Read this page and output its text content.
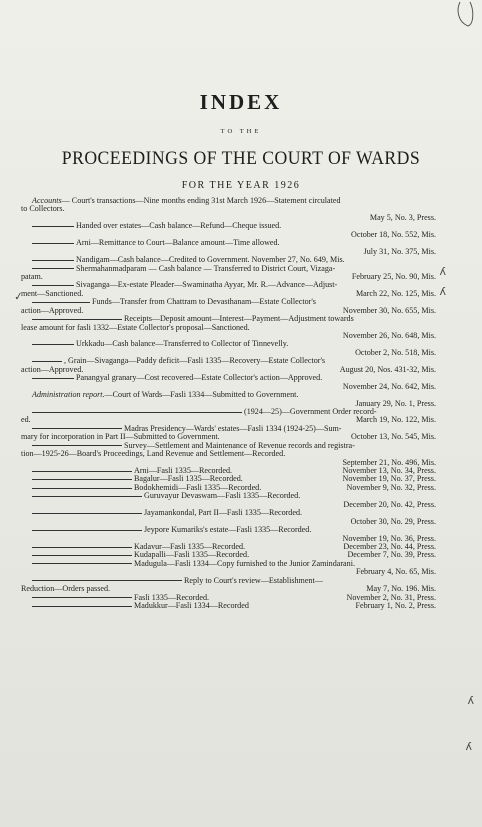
INDEX
TO THE
PROCEEDINGS OF THE COURT OF WARDS
FOR THE YEAR 1926
Accounts— Court's transactions—Nine months ending 31st March 1926—Statement circulated
to Collectors.
May 5, No. 3, Press.
Handed over estates—Cash balance—Refund—Cheque issued.
October 18, No. 552, Mis.
Arni—Remittance to Court—Balance amount—Time allowed.
July 31, No. 375, Mis.
Nandigam—Cash balance—Credited to Government. November 27, No. 649, Mis.
Shermahanmadparam — Cash balance — Transferred to District Court, Vizaga-
patam.	February 25, No. 90, Mis.
Sivaganga—Ex-estate Pleader—Swaminatha Ayyar, Mr. R.—Advance—Adjust-
ment—Sanctioned.	March 22, No. 125, Mis.
Funds—Transfer from Chattram to Devasthanam—Estate Collector's
action—Approved.	November 30, No. 655, Mis.
Receipts—Deposit amount—Interest—Payment—Adjustment towards
lease amount for fasli 1332—Estate Collector's proposal—Sanctioned.
November 26, No. 648, Mis.
Urkkadu—Cash balance—Transferred to Collector of Tinnevelly.
October 2, No. 518, Mis.
, Grain—Sivaganga—Paddy deficit—Fasli 1335—Recovery—Estate Collector's
action—Approved.	August 20, Nos. 431-32, Mis.
Panangyal granary—Cost recovered—Estate Collector's action—Approved.
November 24, No. 642, Mis.
Administration report.—Court of Wards—Fasli 1334—Submitted to Government.
January 29, No. 1, Press.
(1924—25)—Government Order record-
ed.	March 19, No. 122, Mis.
Madras Presidency—Wards' estates—Fasli 1334 (1924-25)—Sum-
mary for incorporation in Part II—Submitted to Government.	October 13, No. 545, Mis.
Survey—Settlement and Maintenance of Revenue records and registra-
tion—1925-26—Board's Proceedings, Land Revenue and Settlement—Recorded.
September 21, No. 496, Mis.
Arni—Fasli 1335—Recorded.	November 13, No. 34, Press.
Bagalur—Fasli 1335—Recorded.	November 19, No. 37, Press.
Bodokhemidi—Fasli 1335—Recorded.	November 9, No. 32, Press.
Guruvayur Devaswam—Fasli 1335—Recorded.
December 20, No. 42, Press.
Jayamankondal, Part II—Fasli 1335—Recorded.
October 30, No. 29, Press.
Jeypore Kumariks's estate—Fasli 1335—Recorded.
November 19, No. 36, Press.
Kadavur—Fasli 1335—Recorded.	December 23, No. 44, Press.
Kudapalli—Fasli 1335—Recorded.	December 7, No. 39, Press.
Madugula—Fasli 1334—Copy furnished to the Junior Zamindarani.
February 4, No. 65, Mis.
Reply to Court's review—Establishment—
Reduction—Orders passed.	May 7, No. 196. Mis.
Fasli 1335—Recorded.	November 2, No. 31, Press.
Madukkur—Fasli 1334—Recorded	February 1, No. 2, Press.
✓
ʎ
ʎ
ʎ
ʎ
